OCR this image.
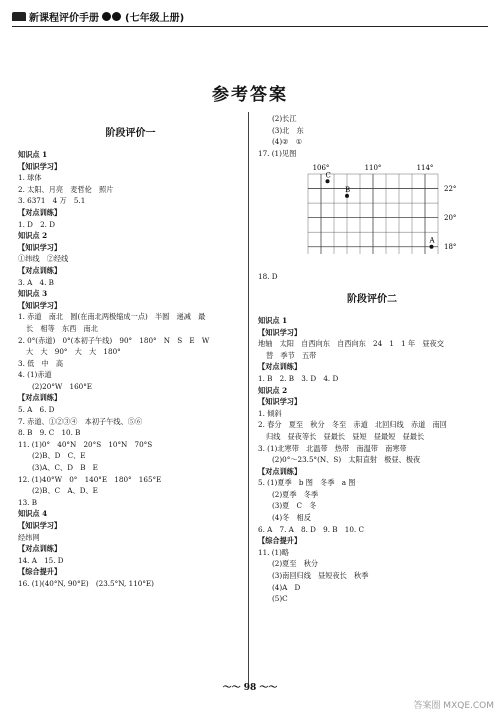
新课程评价手册	(七年级上册)
参考答案
阶段评价一
知识点 1
【知识学习】
1. 球体
2. 太阳、月亮　麦哲伦　照片
3. 6371　4 万　5.1
【对点训练】
1. D　2. D
知识点 2
【知识学习】
①纬线　②经线
【对点训练】
3. A　4. B
知识点 3
【知识学习】
1. 赤道　南北　圆(在南北两极缩成一点)　半圆　递减　最
长　相等　东西　南北
2. 0°(赤道)　0°(本初子午线)　90°　180°　N　S　E　W
大　大　90°　大　大　180°
3. 低　中　高
4. (1)赤道
(2)20°W　160°E
【对点训练】
5. A　6. D
7. 赤道、①②③④　本初子午线、⑤⑥
8. B　9. C　10. B
11. (1)0°　40°N　20°S　10°N　70°S
(2)B、D　C、E
(3)A、C、D　B　E
12. (1)40°W　0°　140°E　180°　165°E
(2)B、C　A、D、E
13. B
知识点 4
【知识学习】
经纬网
【对点训练】
14. A　15. D
【综合提升】
16. (1)(40°N, 90°E)　(23.5°N, 110°E)
(2)长江
(3)北　东
(4)②　①
17. (1)见图
106°	110°	114°
22°
20°
18°
C
B
A
18. D
阶段评价二
知识点 1
【知识学习】
地轴　太阳　自西向东　自西向东　24　1　1 年　昼夜交
替　季节　五带
【对点训练】
1. B　2. B　3. D　4. D
知识点 2
【知识学习】
1. 倾斜
2. 春分　夏至　秋分　冬至　赤道　北回归线　赤道　南回
归线　昼夜等长　昼最长　昼短　昼最短　昼最长
3. (1)北寒带　北温带　热带　南温带　南寒带
(2)0°～23.5°(N、S)　太阳直射　极昼、极夜
【对点训练】
5. (1)夏季　b 图　冬季　a 图
(2)夏季　冬季
(3)夏　C　冬
(4)冬　相反
6. A　7. A　8. D　9. B　10. C
【综合提升】
11. (1)略
(2)夏至　秋分
(3)南回归线　昼短夜长　秋季
(4)A　D
(5)C
〜〜 98 〜〜
答案圈 MXQE.COM
